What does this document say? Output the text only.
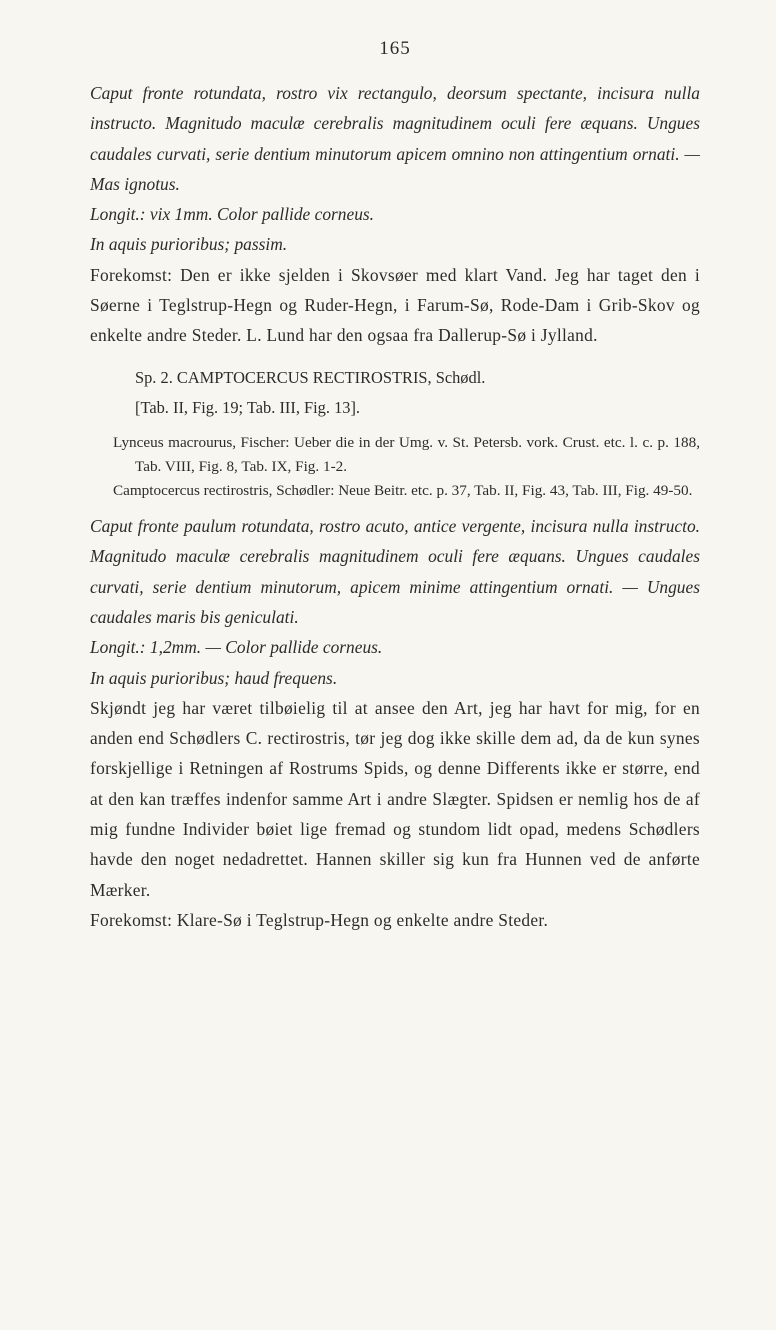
165

Caput fronte rotundata, rostro vix rectangulo, deorsum spectante, incisura nulla instructo. Magnitudo maculæ cerebralis magnitudinem oculi fere æquans. Ungues caudales curvati, serie dentium minutorum apicem omnino non attingentium ornati. — Mas ignotus.

Longit.: vix 1mm. Color pallide corneus.

In aquis purioribus; passim.

Forekomst: Den er ikke sjelden i Skovsøer med klart Vand. Jeg har taget den i Søerne i Teglstrup-Hegn og Ruder-Hegn, i Farum-Sø, Rode-Dam i Grib-Skov og enkelte andre Steder. L. Lund har den ogsaa fra Dallerup-Sø i Jylland.

Sp. 2. CAMPTOCERCUS RECTIROSTRIS, Schødl.

[Tab. II, Fig. 19; Tab. III, Fig. 13].

Lynceus macrourus, Fischer: Ueber die in der Umg. v. St. Petersb. vork. Crust. etc. l. c. p. 188, Tab. VIII, Fig. 8, Tab. IX, Fig. 1-2.

Camptocercus rectirostris, Schødler: Neue Beitr. etc. p. 37, Tab. II, Fig. 43, Tab. III, Fig. 49-50.

Caput fronte paulum rotundata, rostro acuto, antice vergente, incisura nulla instructo. Magnitudo maculæ cerebralis magnitudinem oculi fere æquans. Ungues caudales curvati, serie dentium minutorum, apicem minime attingentium ornati. — Ungues caudales maris bis geniculati.

Longit.: 1,2mm. — Color pallide corneus.

In aquis purioribus; haud frequens.

Skjøndt jeg har været tilbøielig til at ansee den Art, jeg har havt for mig, for en anden end Schødlers C. rectirostris, tør jeg dog ikke skille dem ad, da de kun synes forskjellige i Retningen af Rostrums Spids, og denne Differents ikke er større, end at den kan træffes indenfor samme Art i andre Slægter. Spidsen er nemlig hos de af mig fundne Individer bøiet lige fremad og stundom lidt opad, medens Schødlers havde den noget nedadrettet. Hannen skiller sig kun fra Hunnen ved de anførte Mærker.

Forekomst: Klare-Sø i Teglstrup-Hegn og enkelte andre Steder.
